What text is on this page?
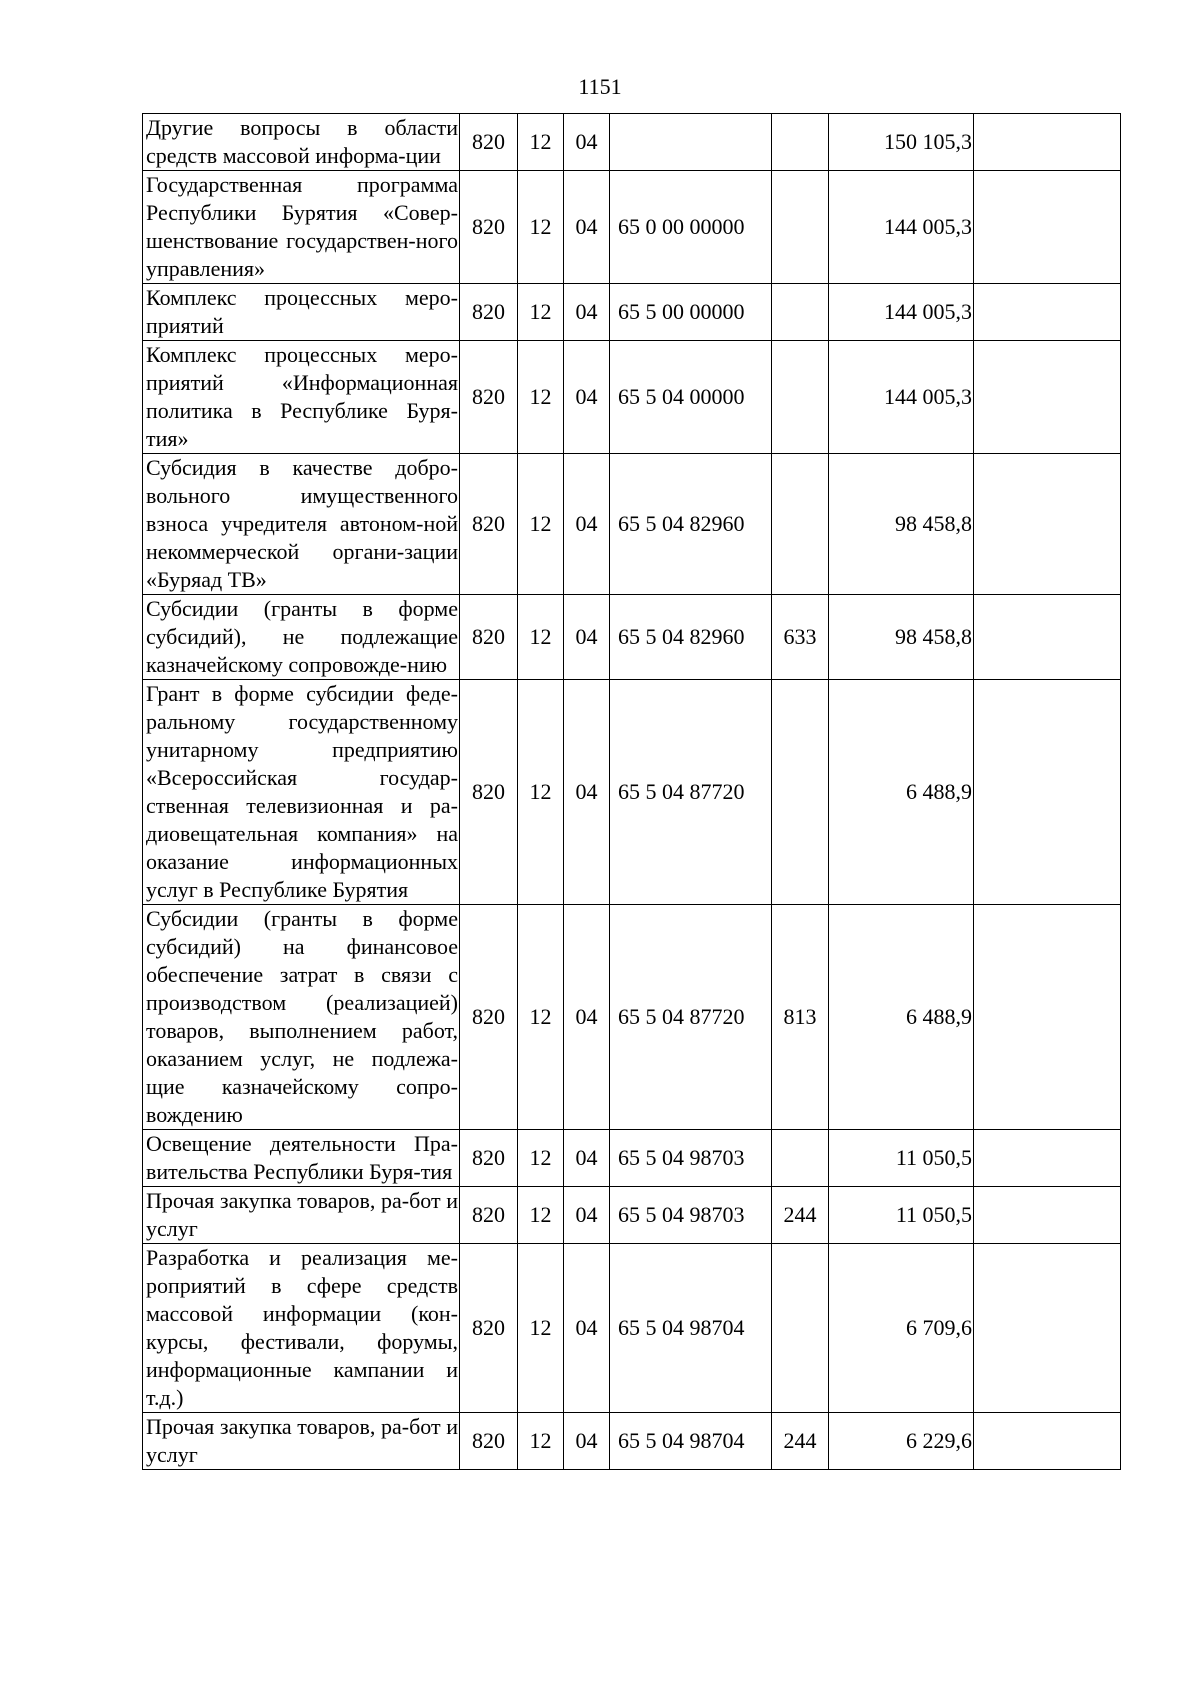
1151
Другие вопросы в области средств массовой информа-ции	820	12	04			150 105,3	
Государственная программа Республики Бурятия «Совер-шенствование государствен-ного управления»	820	12	04	65 0 00 00000		144 005,3	
Комплекс процессных меро-приятий	820	12	04	65 5 00 00000		144 005,3	
Комплекс процессных меро-приятий «Информационная политика в Республике Буря-тия»	820	12	04	65 5 04 00000		144 005,3	
Субсидия в качестве добро-вольного имущественного взноса учредителя автоном-ной некоммерческой органи-зации «Буряад ТВ»	820	12	04	65 5 04 82960		98 458,8	
Субсидии (гранты в форме субсидий), не подлежащие казначейскому сопровожде-нию	820	12	04	65 5 04 82960	633	98 458,8	
Грант в форме субсидии феде-ральному государственному унитарному предприятию «Всероссийская государ-ственная телевизионная и ра-диовещательная компания» на оказание информационных услуг в Республике Бурятия	820	12	04	65 5 04 87720		6 488,9	
Субсидии (гранты в форме субсидий) на финансовое обеспечение затрат в связи с производством (реализацией) товаров, выполнением работ, оказанием услуг, не подлежа-щие казначейскому сопро-вождению	820	12	04	65 5 04 87720	813	6 488,9	
Освещение деятельности Пра-вительства Республики Буря-тия	820	12	04	65 5 04 98703		11 050,5	
Прочая закупка товаров, ра-бот и услуг	820	12	04	65 5 04 98703	244	11 050,5	
Разработка и реализация ме-роприятий в сфере средств массовой информации (кон-курсы, фестивали, форумы, информационные кампании и т.д.)	820	12	04	65 5 04 98704		6 709,6	
Прочая закупка товаров, ра-бот и услуг	820	12	04	65 5 04 98704	244	6 229,6	
